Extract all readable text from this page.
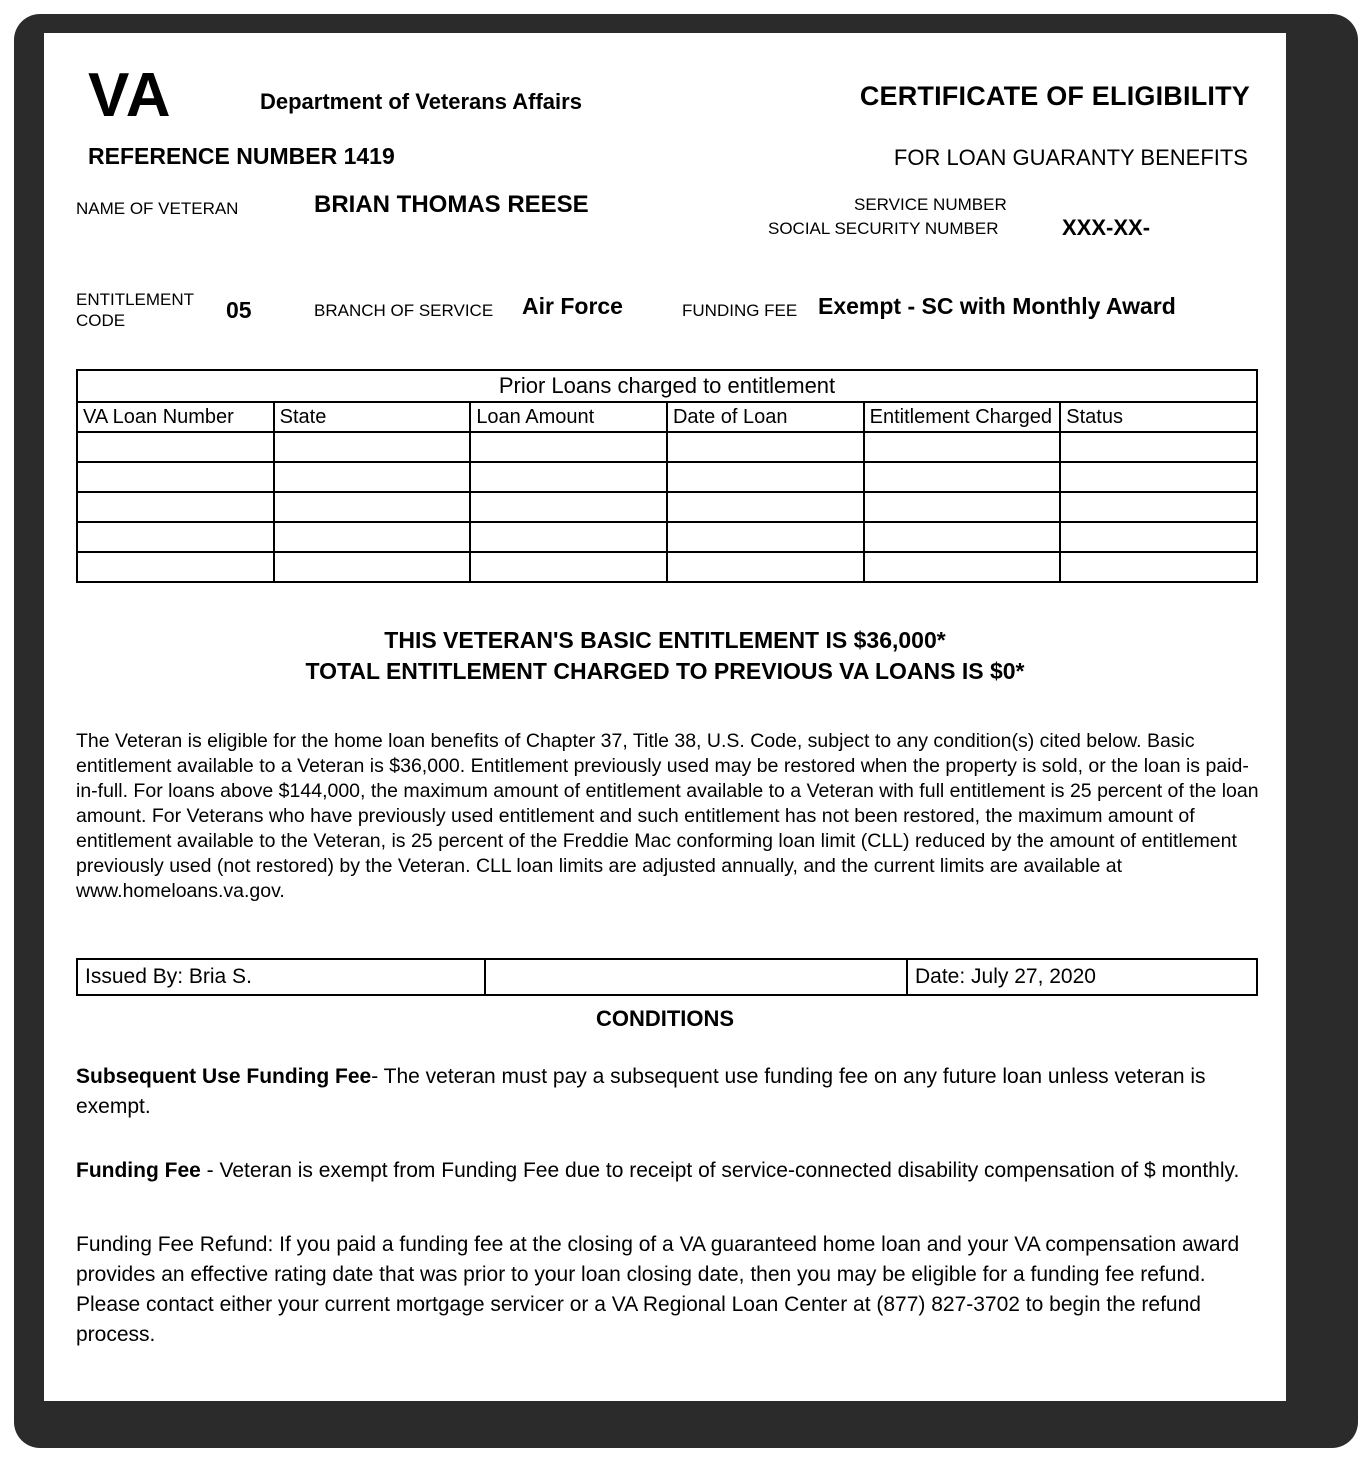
VA	Department of Veterans Affairs	CERTIFICATE OF ELIGIBILITY
FOR LOAN GUARANTY BENEFITS
REFERENCE NUMBER 1419
NAME OF VETERAN	BRIAN THOMAS REESE	SERVICE NUMBER
SOCIAL SECURITY NUMBER	XXX-XX-
ENTITLEMENT CODE	05	BRANCH OF SERVICE Air Force	FUNDING FEE Exempt - SC with Monthly Award
Prior Loans charged to entitlement					
VA Loan Number	State	Loan Amount	Date of Loan	Entitlement Charged	Status

THIS VETERAN'S BASIC ENTITLEMENT IS $36,000*
TOTAL ENTITLEMENT CHARGED TO PREVIOUS VA LOANS IS $0*
The Veteran is eligible for the home loan benefits of Chapter 37, Title 38, U.S. Code, subject to any condition(s) cited below. Basic entitlement available to a Veteran is $36,000. Entitlement previously used may be restored when the property is sold, or the loan is paid-in-full. For loans above $144,000, the maximum amount of entitlement available to a Veteran with full entitlement is 25 percent of the loan amount. For Veterans who have previously used entitlement and such entitlement has not been restored, the maximum amount of entitlement available to the Veteran, is 25 percent of the Freddie Mac conforming loan limit (CLL) reduced by the amount of entitlement previously used (not restored) by the Veteran. CLL loan limits are adjusted annually, and the current limits are available at www.homeloans.va.gov.
Issued By: Bria S.		Date: July 27, 2020
CONDITIONS
Subsequent Use Funding Fee- The veteran must pay a subsequent use funding fee on any future loan unless veteran is exempt.
Funding Fee - Veteran is exempt from Funding Fee due to receipt of service-connected disability compensation of $ monthly.
Funding Fee Refund: If you paid a funding fee at the closing of a VA guaranteed home loan and your VA compensation award provides an effective rating date that was prior to your loan closing date, then you may be eligible for a funding fee refund. Please contact either your current mortgage servicer or a VA Regional Loan Center at (877) 827-3702 to begin the refund process.
